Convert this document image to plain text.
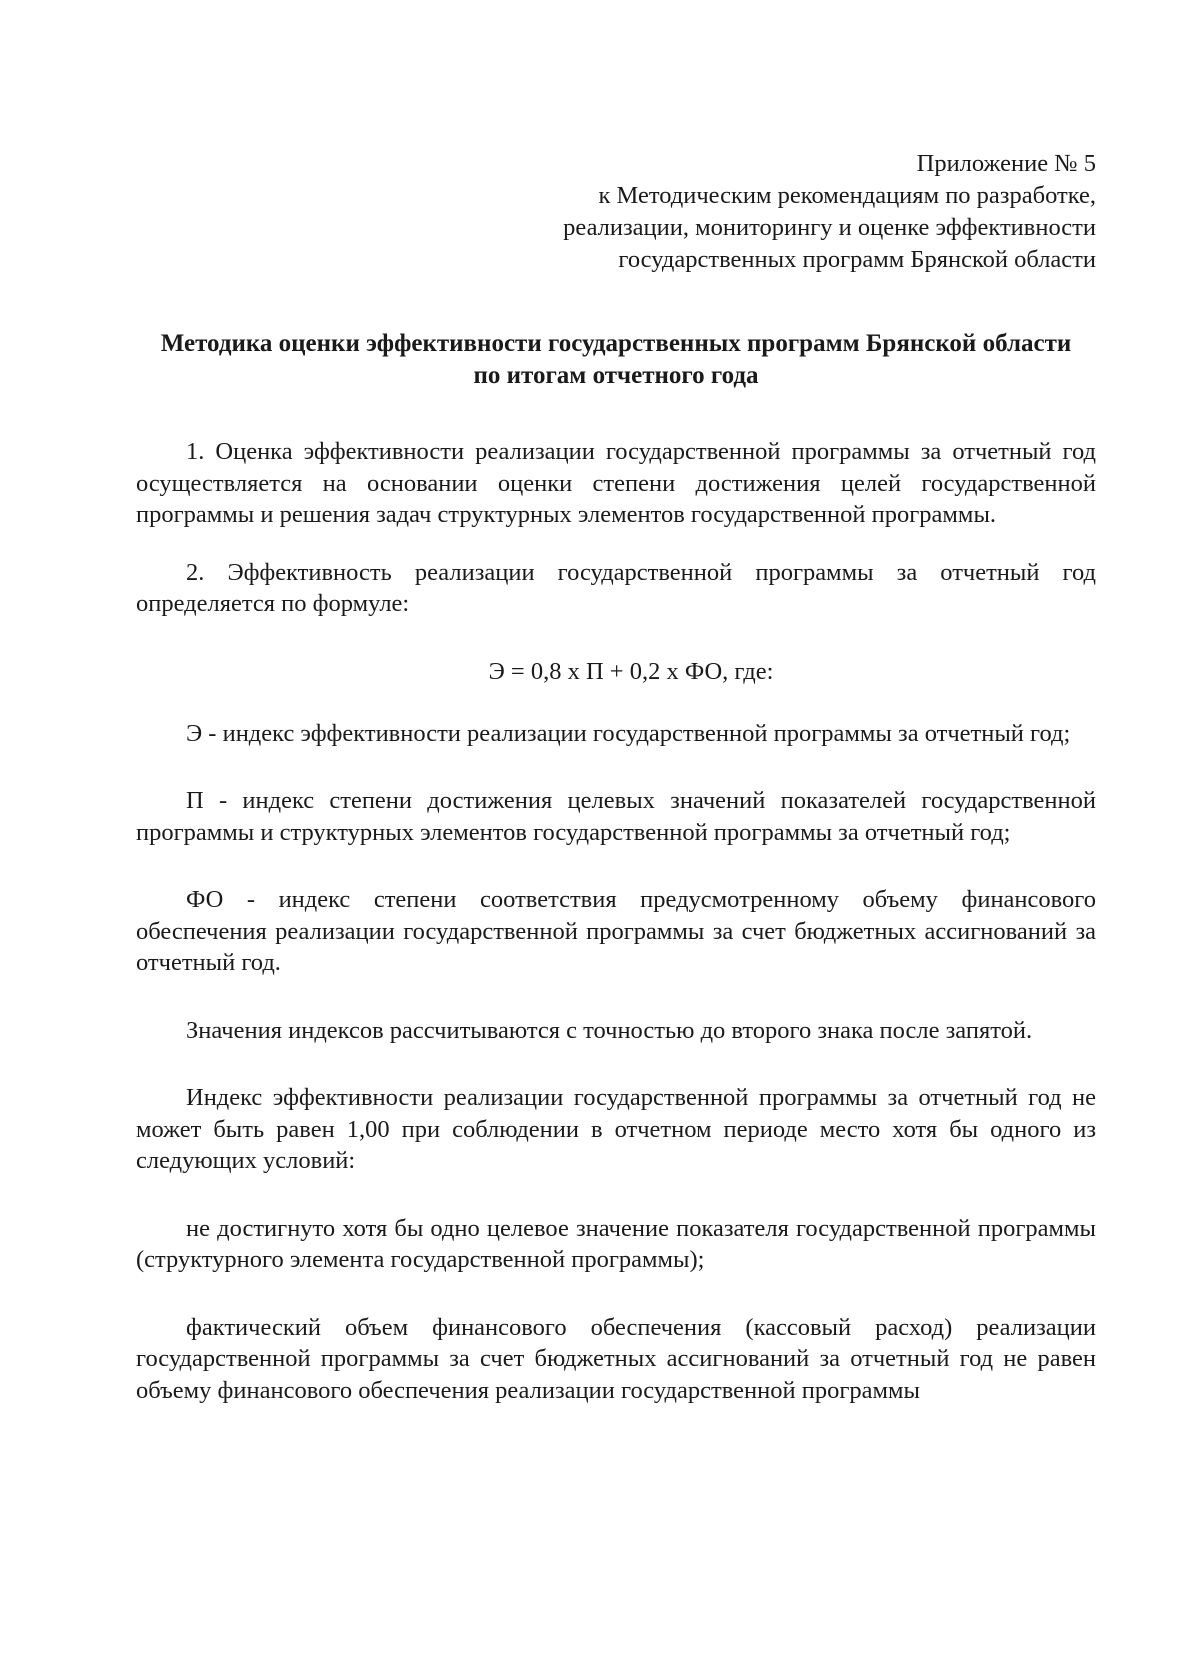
Приложение № 5
к Методическим рекомендациям по разработке,
реализации, мониторингу и оценке эффективности
государственных программ Брянской области
Методика оценки эффективности государственных программ Брянской области по итогам отчетного года

1. Оценка эффективности реализации государственной программы за отчетный год осуществляется на основании оценки степени достижения целей государственной программы и решения задач структурных элементов государственной программы.

2. Эффективность реализации государственной программы за отчетный год определяется по формуле:

Э = 0,8 х П + 0,2 х ФО, где:

Э - индекс эффективности реализации государственной программы за отчетный год;

П - индекс степени достижения целевых значений показателей государственной программы и структурных элементов государственной программы за отчетный год;

ФО - индекс степени соответствия предусмотренному объему финансового обеспечения реализации государственной программы за счет бюджетных ассигнований за отчетный год.

Значения индексов рассчитываются с точностью до второго знака после запятой.

Индекс эффективности реализации государственной программы за отчетный год не может быть равен 1,00 при соблюдении в отчетном периоде место хотя бы одного из следующих условий:

не достигнуто хотя бы одно целевое значение показателя государственной программы (структурного элемента государственной программы);

фактический объем финансового обеспечения (кассовый расход) реализации государственной программы за счет бюджетных ассигнований за отчетный год не равен объему финансового обеспечения реализации государственной программы
